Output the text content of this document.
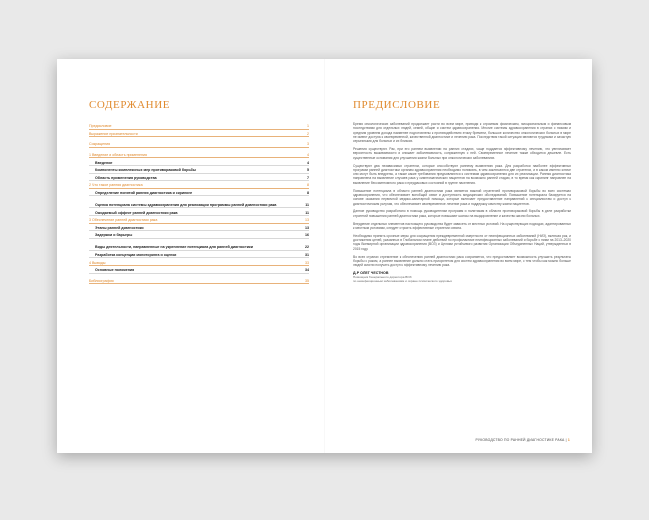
СОДЕРЖАНИЕ
Предисловие	1
Выражение признательности	2
Сокращения	3
1 Введение и область применения	4
Введение	4
Компоненты комплексных мер противораковой борьбы	5
Область применения руководства	7
2 Что такое ранняя диагностика	8
Определение понятий ранняя диагностика и скрининг	8
Оценка потенциала системы здравоохранения для реализации программы ранней диагностики рака	11
Ожидаемый эффект ранней диагностики рака	11
3 Обеспечение ранней диагностики рака	13
Этапы ранней диагностики	13
Задержки и барьеры	16
Виды деятельности, направленные на укрепление потенциала для ранней диагностики	22
Разработка концепции мониторинга и оценки	31
4 Выводы	33
Основные положения	34
Библиография	35
ПРЕДИСЛОВИЕ

Бремя онкологических заболеваний продолжает расти во всем мире, приводя к огромным физическим, эмоциональным и финансовым последствиям для отдельных людей, семей, общин и систем здравоохранения. Многие системы здравоохранения в странах с низким и средним уровнем дохода наименее подготовлены к противодействию этому бремени, большое количество онкологических больных в мире не имеют доступа к своевременной, качественной диагностике и лечению рака. Последствия такой ситуации являются трудными и зачастую серьезными для больных и их близких.

Решения существуют. Рак, при его раннем выявлении на ранних стадиях, чаще поддается эффективному лечению, что увеличивает вероятность выживаемости и снижает заболеваемость, сопряженную с ней. Своевременное лечение также обходится дешевле. Есть существенные основания для улучшения жизни больных при онкологических заболеваниях.

Существуют два независимых стратегии, которые способствуют раннему выявлению рака. Для разработки наиболее эффективных программ ранней диагностики органам здравоохранения необходимо понимать, в чем заключаются две стратегии, и в каком именно ключе они могут быть внедрены, а также какие требования предъявляются к системам здравоохранения для их реализации. Ранняя диагностика направлена на выявление случаев рака у симптоматических пациентов на возможно ранней стадии, в то время как скрининг направлен на выявление бессимптомного рака и предраковых состояний в группе населения.

Повышение потенциала в области ранней диагностики рака является важной стратегией противораковой борьбы во всех системах здравоохранения, что обеспечивает всеобщий охват и доступность медицинских обследований. Повышение потенциала базируется на основе оказания первичной медико-санитарной помощи, которые включает предоставление направлений к специалистам и доступ к диагностическим услугам, что обеспечивает своевременное лечение рака и поддержку качеству жизни пациентов.

Данное руководство разработано в помощь руководителям программ и политикам в области противораковой борьбы в деле разработки стратегий повышения ранней диагностики рака, которые повышают шансы на выздоровление и качество жизни больных.

Внедрение отдельных элементов настоящего руководства будет зависеть от местных условий. На существующих подходах, адаптированных к местным условиям, следует строить эффективные стратегии охвата.

Необходимо принять срочные меры для сокращения преждевременной смертности от неинфекционных заболеваний (НИЗ), включая рак, и достижения целей, указанных в Глобальном плане действий по профилактике неинфекционных заболеваний и борьбе с ними на 2013–2020 годы Всемирной организации здравоохранения (ВОЗ) и Целями устойчивого развития Организации Объединенных Наций, утвержденных в 2015 году.

Во всех странах стремление к обеспечению ранней диагностики рака сохраняется, что предоставляет возможность улучшить результаты борьбы с раком, а раннее выявление должно стать приоритетом для систем здравоохранения во всем мире, с тем чтобы как можно больше людей смогли получить доступ к эффективному лечению рака.

Д-Р ОЛЕГ ЧЕСТНОВ
Помощник Генерального директора ВОЗ
по неинфекционным заболеваниям и охране психического здоровья
РУКОВОДСТВО ПО РАННЕЙ ДИАГНОСТИКЕ РАКА | 1
